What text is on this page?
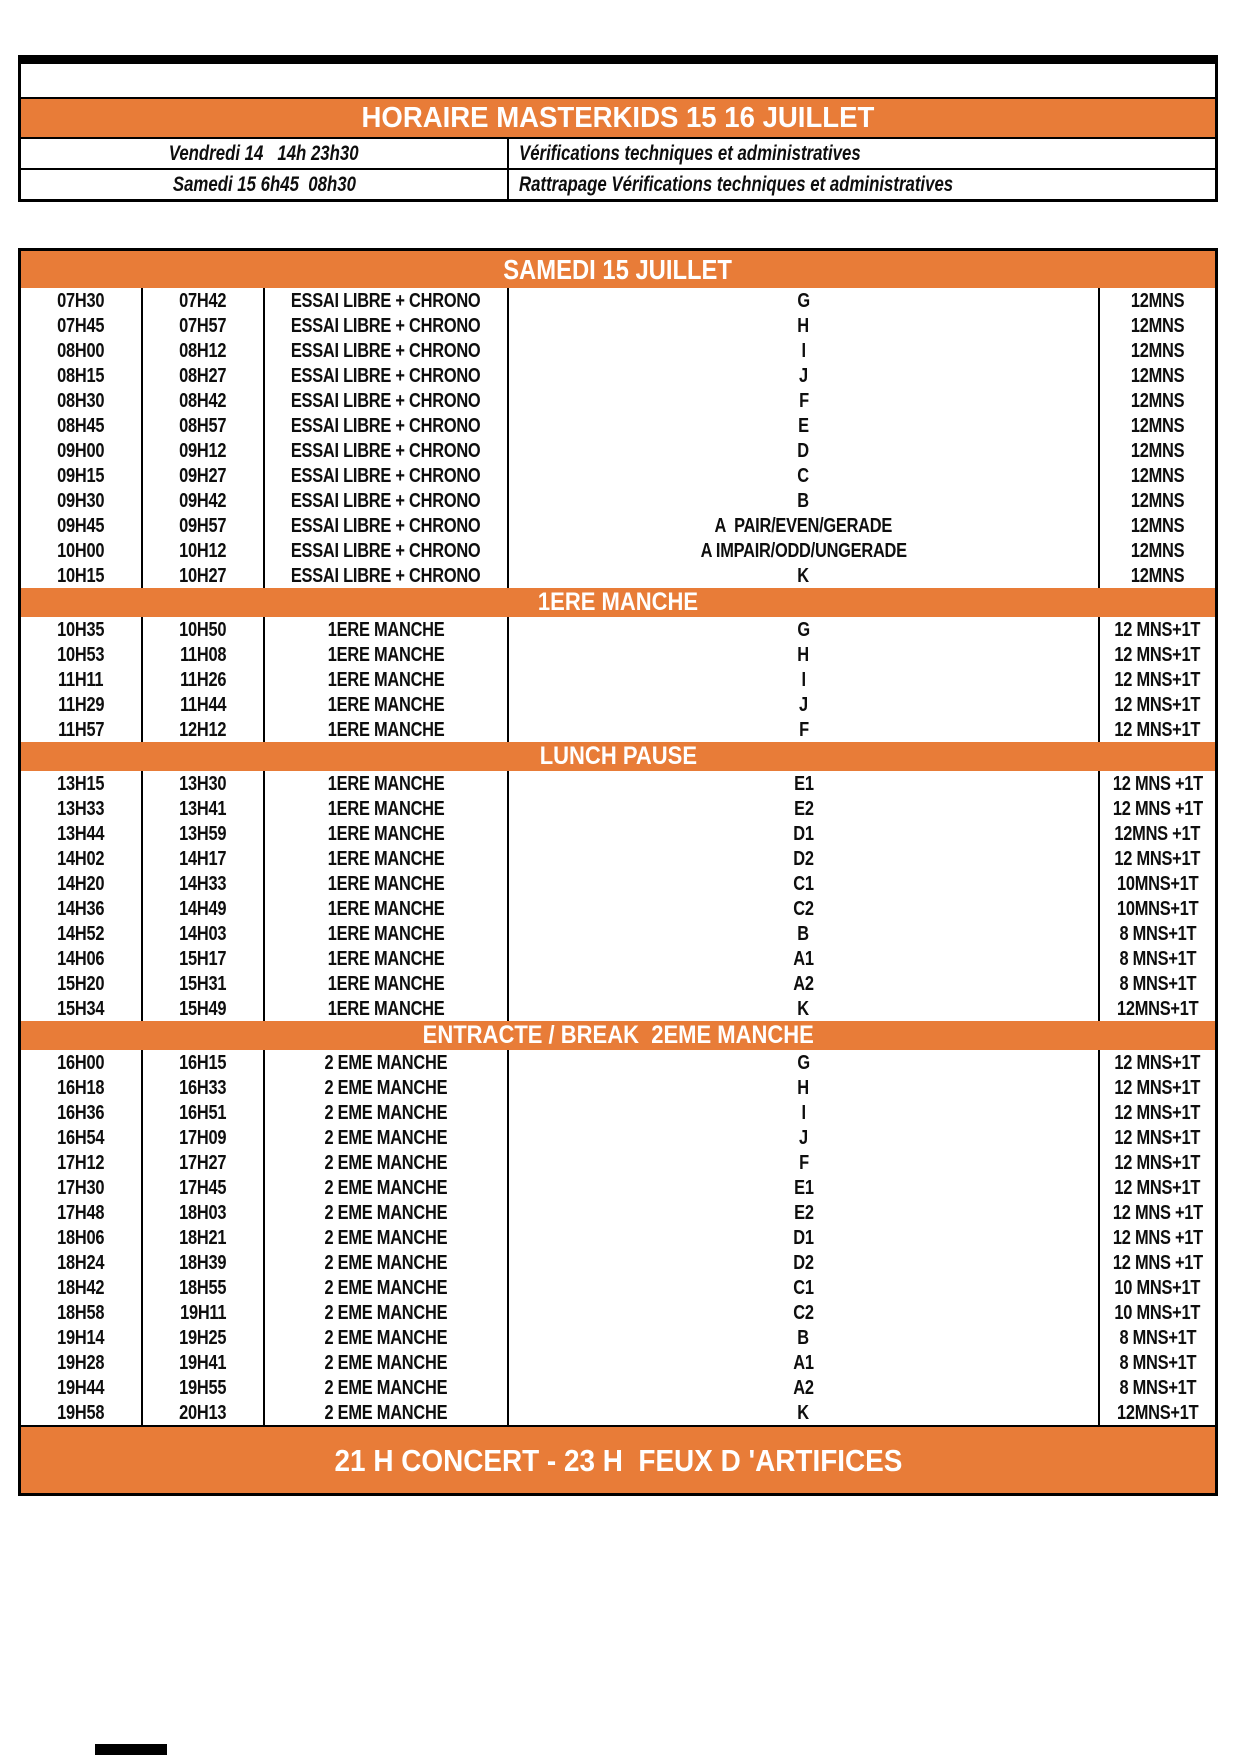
HORAIRE MASTERKIDS 15 16 JUILLET
Vendredi 14   14h 23h30	Vérifications techniques et administratives
Samedi 15 6h45  08h30	Rattrapage Vérifications techniques et administratives
SAMEDI 15 JUILLET
07H30	07H42	ESSAI LIBRE + CHRONO	G	12MNS
07H45	07H57	ESSAI LIBRE + CHRONO	H	12MNS
08H00	08H12	ESSAI LIBRE + CHRONO	I	12MNS
08H15	08H27	ESSAI LIBRE + CHRONO	J	12MNS
08H30	08H42	ESSAI LIBRE + CHRONO	F	12MNS
08H45	08H57	ESSAI LIBRE + CHRONO	E	12MNS
09H00	09H12	ESSAI LIBRE + CHRONO	D	12MNS
09H15	09H27	ESSAI LIBRE + CHRONO	C	12MNS
09H30	09H42	ESSAI LIBRE + CHRONO	B	12MNS
09H45	09H57	ESSAI LIBRE + CHRONO	A  PAIR/EVEN/GERADE	12MNS
10H00	10H12	ESSAI LIBRE + CHRONO	A IMPAIR/ODD/UNGERADE	12MNS
10H15	10H27	ESSAI LIBRE + CHRONO	K	12MNS
1ERE MANCHE
10H35	10H50	1ERE MANCHE	G	12 MNS+1T
10H53	11H08	1ERE MANCHE	H	12 MNS+1T
11H11	11H26	1ERE MANCHE	I	12 MNS+1T
11H29	11H44	1ERE MANCHE	J	12 MNS+1T
11H57	12H12	1ERE MANCHE	F	12 MNS+1T
LUNCH PAUSE
13H15	13H30	1ERE MANCHE	E1	12 MNS +1T
13H33	13H41	1ERE MANCHE	E2	12 MNS +1T
13H44	13H59	1ERE MANCHE	D1	12MNS +1T
14H02	14H17	1ERE MANCHE	D2	12 MNS+1T
14H20	14H33	1ERE MANCHE	C1	10MNS+1T
14H36	14H49	1ERE MANCHE	C2	10MNS+1T
14H52	14H03	1ERE MANCHE	B	8 MNS+1T
14H06	15H17	1ERE MANCHE	A1	8 MNS+1T
15H20	15H31	1ERE MANCHE	A2	8 MNS+1T
15H34	15H49	1ERE MANCHE	K	12MNS+1T
ENTRACTE / BREAK  2EME MANCHE
16H00	16H15	2 EME MANCHE	G	12 MNS+1T
16H18	16H33	2 EME MANCHE	H	12 MNS+1T
16H36	16H51	2 EME MANCHE	I	12 MNS+1T
16H54	17H09	2 EME MANCHE	J	12 MNS+1T
17H12	17H27	2 EME MANCHE	F	12 MNS+1T
17H30	17H45	2 EME MANCHE	E1	12 MNS+1T
17H48	18H03	2 EME MANCHE	E2	12 MNS +1T
18H06	18H21	2 EME MANCHE	D1	12 MNS +1T
18H24	18H39	2 EME MANCHE	D2	12 MNS +1T
18H42	18H55	2 EME MANCHE	C1	10 MNS+1T
18H58	19H11	2 EME MANCHE	C2	10 MNS+1T
19H14	19H25	2 EME MANCHE	B	8 MNS+1T
19H28	19H41	2 EME MANCHE	A1	8 MNS+1T
19H44	19H55	2 EME MANCHE	A2	8 MNS+1T
19H58	20H13	2 EME MANCHE	K	12MNS+1T
21 H CONCERT - 23 H  FEUX D 'ARTIFICES
